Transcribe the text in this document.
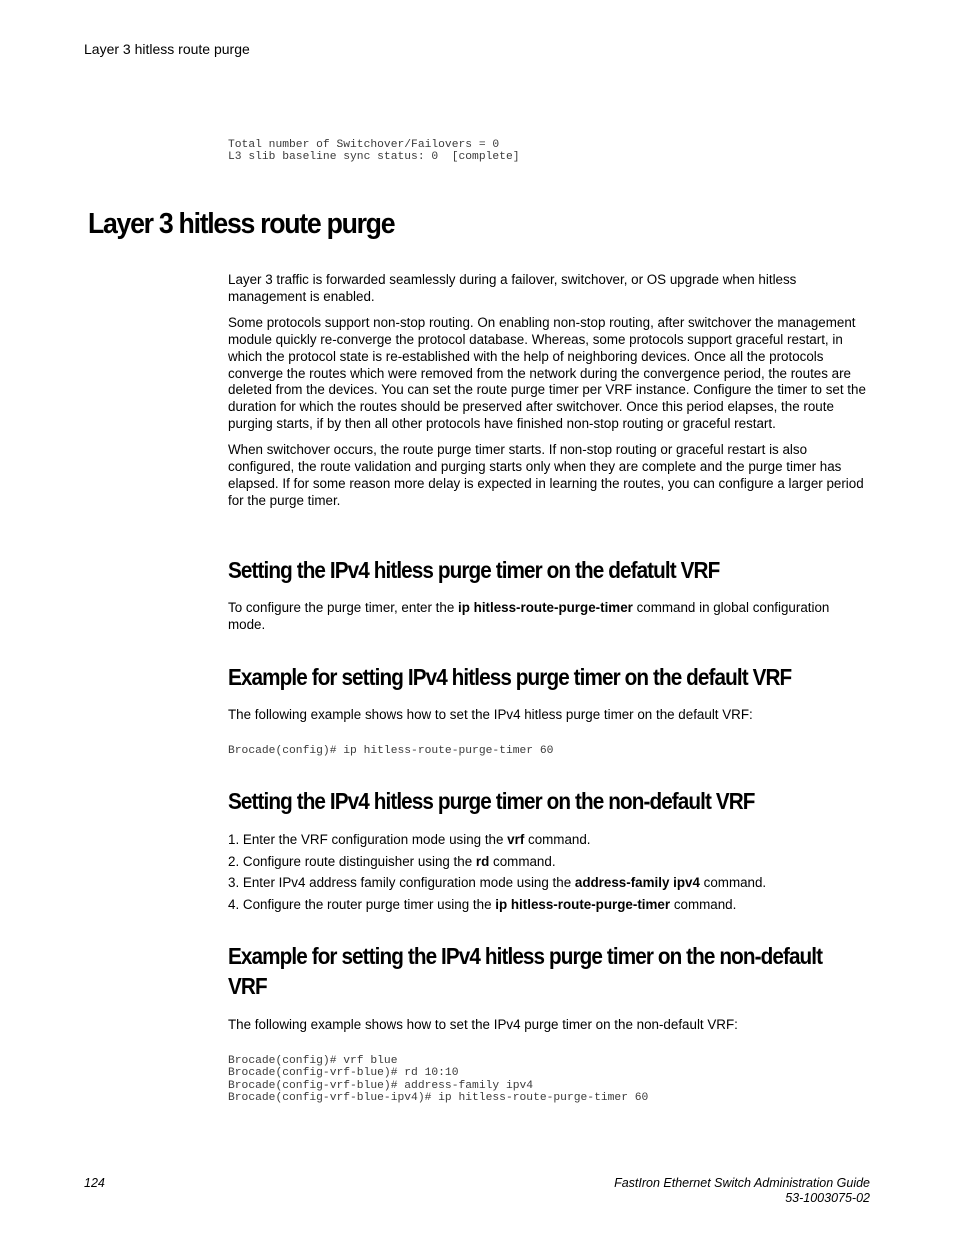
Layer 3 hitless route purge
Total number of Switchover/Failovers = 0
L3 slib baseline sync status: 0  [complete]
Layer 3 hitless route purge

Layer 3 traffic is forwarded seamlessly during a failover, switchover, or OS upgrade when hitless management is enabled.

Some protocols support non-stop routing. On enabling non-stop routing, after switchover the management module quickly re-converge the protocol database. Whereas, some protocols support graceful restart, in which the protocol state is re-established with the help of neighboring devices. Once all the protocols converge the routes which were removed from the network during the convergence period, the routes are deleted from the devices. You can set the route purge timer per VRF instance. Configure the timer to set the duration for which the routes should be preserved after switchover. Once this period elapses, the route purging starts, if by then all other protocols have finished non-stop routing or graceful restart.

When switchover occurs, the route purge timer starts. If non-stop routing or graceful restart is also configured, the route validation and purging starts only when they are complete and the purge timer has elapsed. If for some reason more delay is expected in learning the routes, you can configure a larger period for the purge timer.

Setting the IPv4 hitless purge timer on the defatult VRF

To configure the purge timer, enter the ip hitless-route-purge-timer command in global configuration mode.

Example for setting IPv4 hitless purge timer on the default VRF

The following example shows how to set the IPv4 hitless purge timer on the default VRF:

Brocade(config)# ip hitless-route-purge-timer 60
Setting the IPv4 hitless purge timer on the non-default VRF
1. Enter the VRF configuration mode using the vrf command.
2. Configure route distinguisher using the rd command.
3. Enter IPv4 address family configuration mode using the address-family ipv4 command.
4. Configure the router purge timer using the ip hitless-route-purge-timer command.
Example for setting the IPv4 hitless purge timer on the non-default VRF

The following example shows how to set the IPv4 purge timer on the non-default VRF:

Brocade(config)# vrf blue
Brocade(config-vrf-blue)# rd 10:10
Brocade(config-vrf-blue)# address-family ipv4
Brocade(config-vrf-blue-ipv4)# ip hitless-route-purge-timer 60
124	FastIron Ethernet Switch Administration Guide
53-1003075-02
